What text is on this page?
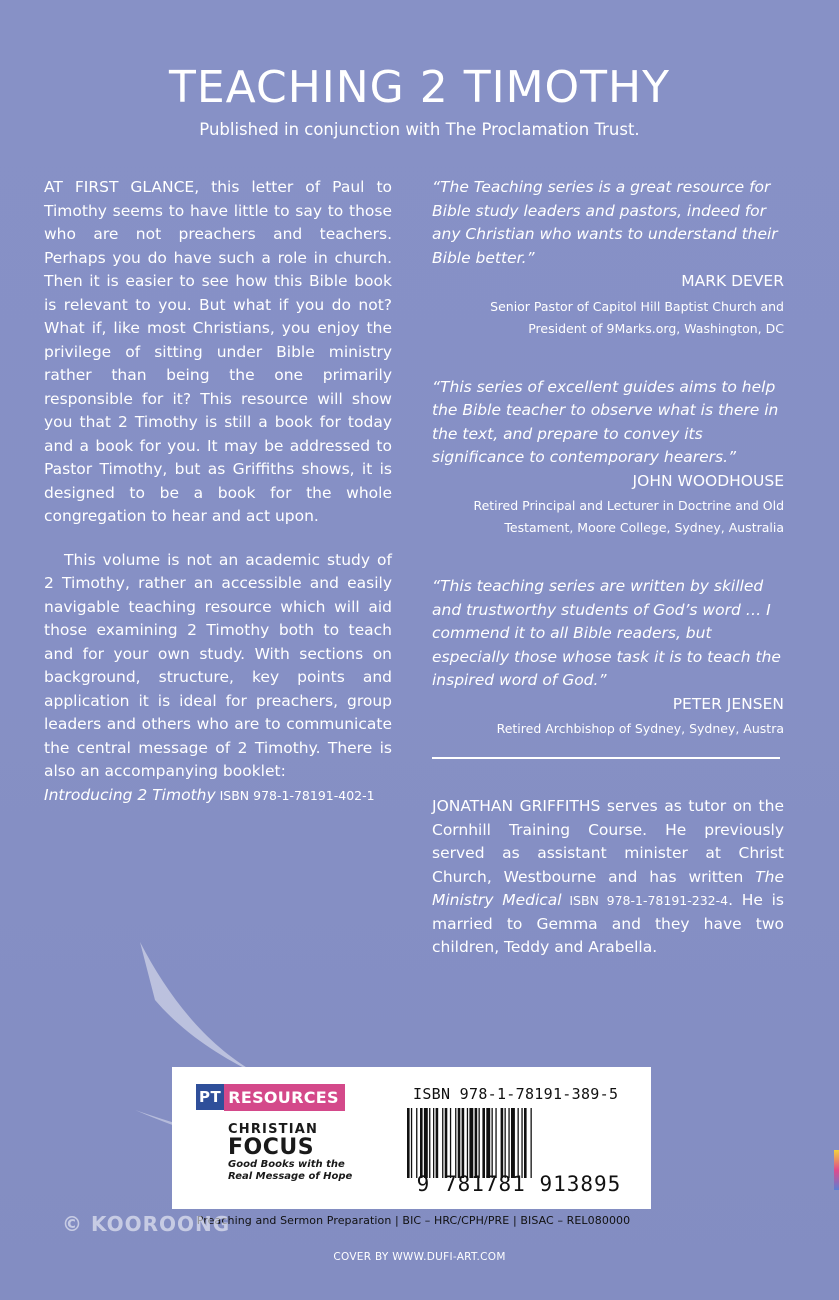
TEACHING 2 TIMOTHY
Published in conjunction with The Proclamation Trust.

AT FIRST GLANCE, this letter of Paul to Timothy seems to have little to say to those who are not preachers and teachers. Perhaps you do have such a role in church. Then it is easier to see how this Bible book is relevant to you. But what if you do not? What if, like most Christians, you enjoy the privilege of sitting under Bible ministry rather than being the one primarily responsible for it? This resource will show you that 2 Timothy is still a book for today and a book for you. It may be addressed to Pastor Timothy, but as Griffiths shows, it is designed to be a book for the whole congregation to hear and act upon.

This volume is not an academic study of 2 Timothy, rather an accessible and easily navigable teaching resource which will aid those examining 2 Timothy both to teach and for your own study. With sections on background, structure, key points and application it is ideal for preachers, group leaders and others who are to communicate the central message of 2 Timothy. There is also an accompanying booklet:
Introducing 2 Timothy ISBN 978-1-78191-402-1

“The Teaching series is a great resource for Bible study leaders and pastors, indeed for any Christian who wants to understand their Bible better.”
MARK DEVER
Senior Pastor of Capitol Hill Baptist Church and President of 9Marks.org, Washington, DC
“This series of excellent guides aims to help the Bible teacher to observe what is there in the text, and prepare to convey its significance to contemporary hearers.”
JOHN WOODHOUSE
Retired Principal and Lecturer in Doctrine and Old Testament, Moore College, Sydney, Australia
“This teaching series are written by skilled and trustworthy students of God’s word … I commend it to all Bible readers, but especially those whose task it is to teach the inspired word of God.”
PETER JENSEN
Retired Archbishop of Sydney, Sydney, Austra
JONATHAN GRIFFITHS serves as tutor on the Cornhill Training Course. He previously served as assistant minister at Christ Church, Westbourne and has written The Ministry Medical ISBN 978-1-78191-232-4. He is married to Gemma and they have two children, Teddy and Arabella.
PT RESOURCES
CHRISTIAN
FOCUS
Good Books with the Real Message of Hope
ISBN 978-1-78191-389-5
9 781781 913895
Preaching and Sermon Preparation | BIC – HRC/CPH/PRE | BISAC – REL080000
© KOOROONG
COVER BY WWW.DUFI-ART.COM
